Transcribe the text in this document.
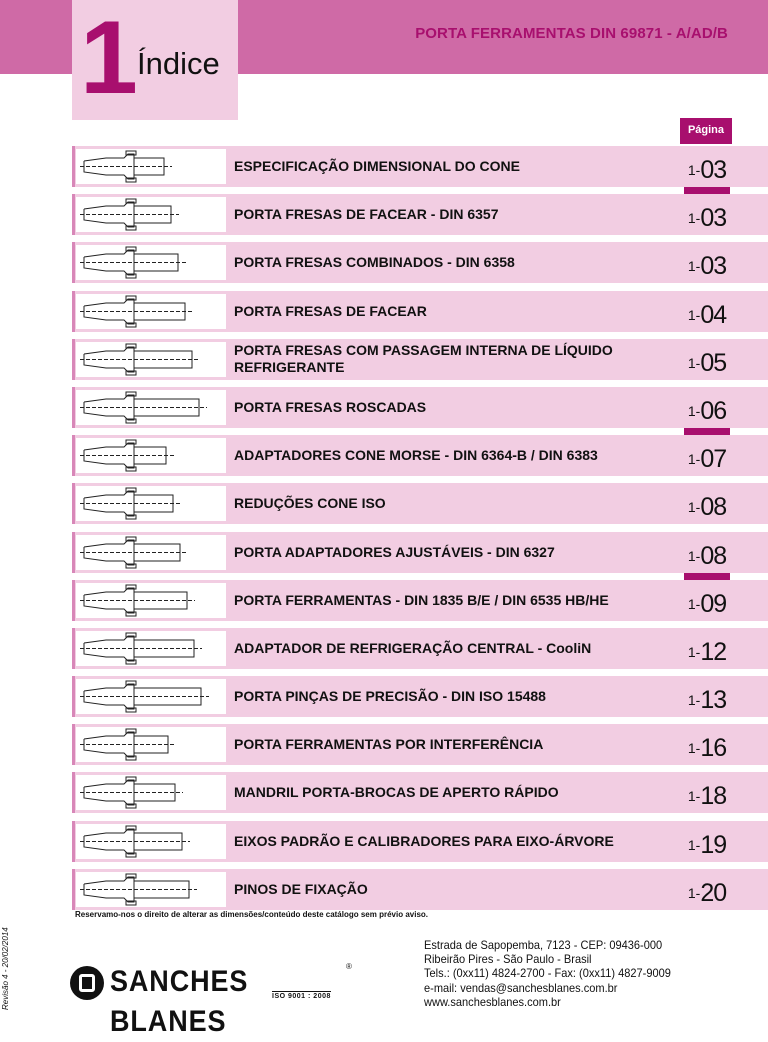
1 Índice
PORTA FERRAMENTAS DIN 69871 - A/AD/B
Página
ESPECIFICAÇÃO DIMENSIONAL DO CONE	1- 03
PORTA FRESAS DE FACEAR - DIN 6357	1- 03
PORTA FRESAS COMBINADOS - DIN 6358	1- 03
PORTA FRESAS DE FACEAR	1- 04
PORTA FRESAS COM PASSAGEM INTERNA DE LÍQUIDO REFRIGERANTE	1- 05
PORTA FRESAS ROSCADAS	1- 06
ADAPTADORES CONE MORSE - DIN 6364-B / DIN 6383	1- 07
REDUÇÕES CONE ISO	1- 08
PORTA ADAPTADORES AJUSTÁVEIS - DIN 6327	1- 08
PORTA FERRAMENTAS - DIN 1835 B/E / DIN 6535 HB/HE	1- 09
ADAPTADOR DE REFRIGERAÇÃO CENTRAL - CooliN	1- 12
PORTA PINÇAS DE PRECISÃO - DIN ISO 15488	1- 13
PORTA FERRAMENTAS POR INTERFERÊNCIA	1- 16
MANDRIL PORTA-BROCAS DE APERTO RÁPIDO	1- 18
EIXOS PADRÃO E CALIBRADORES PARA EIXO-ÁRVORE	1- 19
PINOS DE FIXAÇÃO	1- 20
Reservamo-nos o direito de alterar as dimensões/conteúdo deste catálogo sem prévio aviso.
Revisão 4 - 20/02/2014	SANCHES BLANES
®
ISO 9001 : 2008
Estrada de Sapopemba, 7123 - CEP: 09436-000
Ribeirão Pires - São Paulo - Brasil
Tels.: (0xx11) 4824-2700 - Fax: (0xx11) 4827-9009
e-mail: vendas@sanchesblanes.com.br
www.sanchesblanes.com.br
